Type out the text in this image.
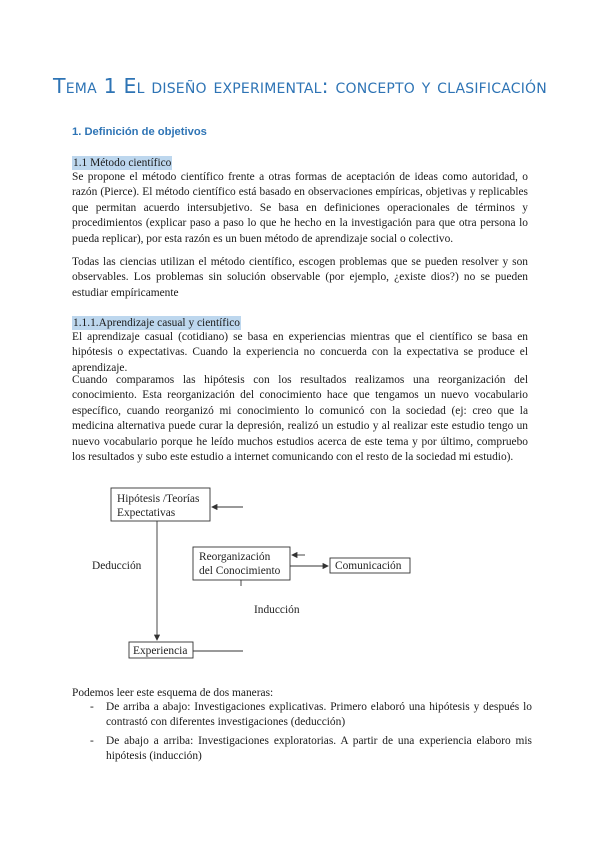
Tema 1 El diseño experimental: concepto y clasificación
1. Definición de objetivos
1.1 Método científico

Se propone el método científico frente a otras formas de aceptación de ideas como autoridad, o razón (Pierce). El método científico está basado en observaciones empíricas, objetivas y replicables que permitan acuerdo intersubjetivo. Se basa en definiciones operacionales de términos y procedimientos (explicar paso a paso lo que he hecho en la investigación para que otra persona lo pueda replicar), por esta razón es un buen método de aprendizaje social o colectivo.

Todas las ciencias utilizan el método científico, escogen problemas que se pueden resolver y son observables. Los problemas sin solución observable (por ejemplo, ¿existe dios?) no se pueden estudiar empíricamente

1.1.1.Aprendizaje casual y científico

El aprendizaje casual (cotidiano) se basa en experiencias mientras que el científico se basa en hipótesis o expectativas. Cuando la experiencia no concuerda con la expectativa se produce el aprendizaje.

Cuando comparamos las hipótesis con los resultados realizamos una reorganización del conocimiento. Esta reorganización del conocimiento hace que tengamos un nuevo vocabulario específico, cuando reorganizó mi conocimiento lo comunicó con la sociedad (ej: creo que la medicina alternativa puede curar la depresión, realizó un estudio y al realizar este estudio tengo un nuevo vocabulario porque he leído muchos estudios acerca de este tema y por último, compruebo los resultados y subo este estudio a internet comunicando con el resto de la sociedad mi estudio).

Hipótesis /Teorías
Expectativas
Reorganización
del Conocimiento	Comunicación
Deducción
Inducción
Experiencia

Podemos leer este esquema de dos maneras:

- De arriba a abajo: Investigaciones explicativas. Primero elaboró una hipótesis y después lo contrastó con diferentes investigaciones (deducción)
- De abajo a arriba: Investigaciones exploratorias. A partir de una experiencia elaboro mis hipótesis (inducción)
